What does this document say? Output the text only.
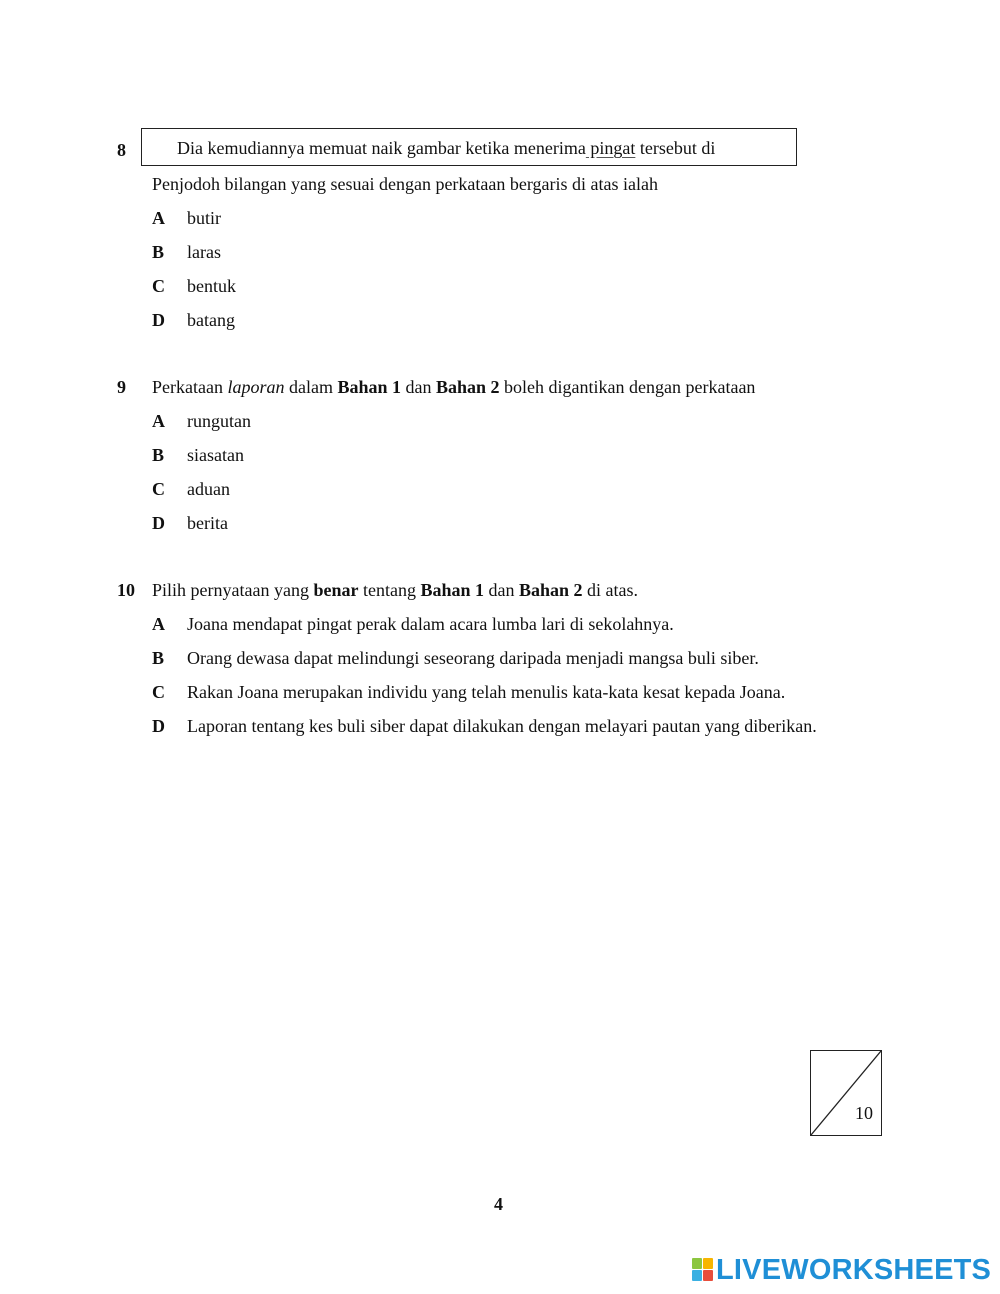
8	Dia kemudiannya memuat naik gambar ketika menerima pingat tersebut di
Penjodoh bilangan yang sesuai dengan perkataan bergaris di atas ialah
A butir
B laras
C bentuk
D batang
9 Perkataan laporan dalam Bahan 1 dan Bahan 2 boleh digantikan dengan perkataan
A rungutan
B siasatan
C aduan
D berita
10 Pilih pernyataan yang benar tentang Bahan 1 dan Bahan 2 di atas.
A Joana mendapat pingat perak dalam acara lumba lari di sekolahnya.
B Orang dewasa dapat melindungi seseorang daripada menjadi mangsa buli siber.
C Rakan Joana merupakan individu yang telah menulis kata-kata kesat kepada Joana.
D Laporan tentang kes buli siber dapat dilakukan dengan melayari pautan yang diberikan.
10
4
LIVEWORKSHEETS
